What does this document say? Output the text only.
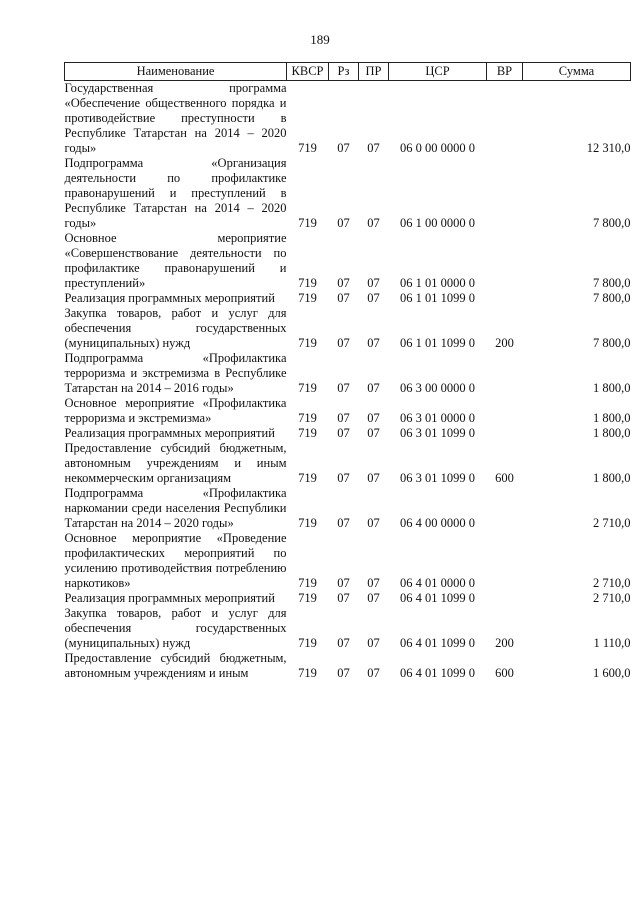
189
Наименование	КВСР	Рз	ПР	ЦСР	ВР	Сумма
Государственная программа «Обеспечение общественного порядка и противодействие преступности в Республике Татарстан на 2014 – 2020 годы»	719	07	07	06 0 00 0000 0		12 310,0
Подпрограмма «Организация деятельности по профилактике правонарушений и преступлений в Республике Татарстан на 2014 – 2020 годы»	719	07	07	06 1 00 0000 0		7 800,0
Основное мероприятие «Совершенствование деятельности по профилактике правонарушений и преступлений»	719	07	07	06 1 01 0000 0		7 800,0
Реализация программных мероприятий	719	07	07	06 1 01 1099 0		7 800,0
Закупка товаров, работ и услуг для обеспечения государственных (муниципальных) нужд	719	07	07	06 1 01 1099 0	200	7 800,0
Подпрограмма «Профилактика терроризма и экстремизма в Республике Татарстан на 2014 – 2016 годы»	719	07	07	06 3 00 0000 0		1 800,0
Основное мероприятие «Профилактика терроризма и экстремизма»	719	07	07	06 3 01 0000 0		1 800,0
Реализация программных мероприятий	719	07	07	06 3 01 1099 0		1 800,0
Предоставление субсидий бюджетным, автономным учреждениям и иным некоммерческим организациям	719	07	07	06 3 01 1099 0	600	1 800,0
Подпрограмма «Профилактика наркомании среди населения Республики Татарстан на 2014 – 2020 годы»	719	07	07	06 4 00 0000 0		2 710,0
Основное мероприятие «Проведение профилактических мероприятий по усилению противодействия потреблению наркотиков»	719	07	07	06 4 01 0000 0		2 710,0
Реализация программных мероприятий	719	07	07	06 4 01 1099 0		2 710,0
Закупка товаров, работ и услуг для обеспечения государственных (муниципальных) нужд	719	07	07	06 4 01 1099 0	200	1 110,0
Предоставление субсидий бюджетным, автономным учреждениям и иным	719	07	07	06 4 01 1099 0	600	1 600,0
